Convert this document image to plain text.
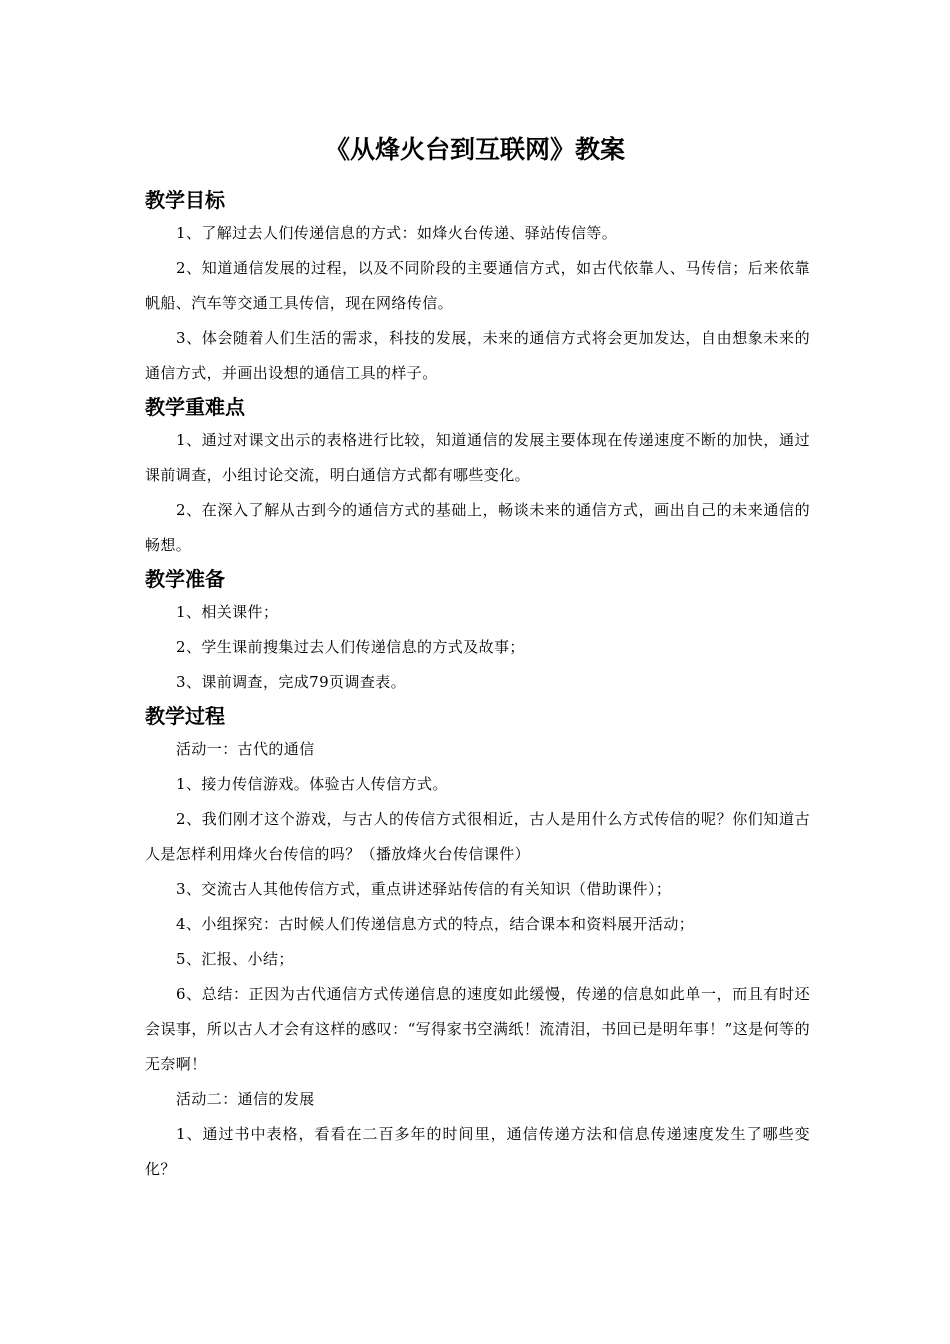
《从烽火台到互联网》教案
教学目标

1、了解过去人们传递信息的方式：如烽火台传递、驿站传信等。

2、知道通信发展的过程，以及不同阶段的主要通信方式，如古代依靠人、马传信；后来依靠帆船、汽车等交通工具传信，现在网络传信。

3、体会随着人们生活的需求，科技的发展，未来的通信方式将会更加发达，自由想象未来的通信方式，并画出设想的通信工具的样子。

教学重难点

1、通过对课文出示的表格进行比较，知道通信的发展主要体现在传递速度不断的加快，通过课前调查，小组讨论交流，明白通信方式都有哪些变化。

2、在深入了解从古到今的通信方式的基础上，畅谈未来的通信方式，画出自己的未来通信的畅想。

教学准备

1、相关课件；

2、学生课前搜集过去人们传递信息的方式及故事；

3、课前调查，完成79页调查表。

教学过程

活动一：古代的通信

1、接力传信游戏。体验古人传信方式。

2、我们刚才这个游戏，与古人的传信方式很相近，古人是用什么方式传信的呢？你们知道古人是怎样利用烽火台传信的吗？（播放烽火台传信课件）

3、交流古人其他传信方式，重点讲述驿站传信的有关知识（借助课件）；

4、小组探究：古时候人们传递信息方式的特点，结合课本和资料展开活动；

5、汇报、小结；

6、总结：正因为古代通信方式传递信息的速度如此缓慢，传递的信息如此单一，而且有时还会误事，所以古人才会有这样的感叹：“写得家书空满纸！流清泪，书回已是明年事！”这是何等的无奈啊！

活动二：通信的发展

1、通过书中表格，看看在二百多年的时间里，通信传递方法和信息传递速度发生了哪些变化？
